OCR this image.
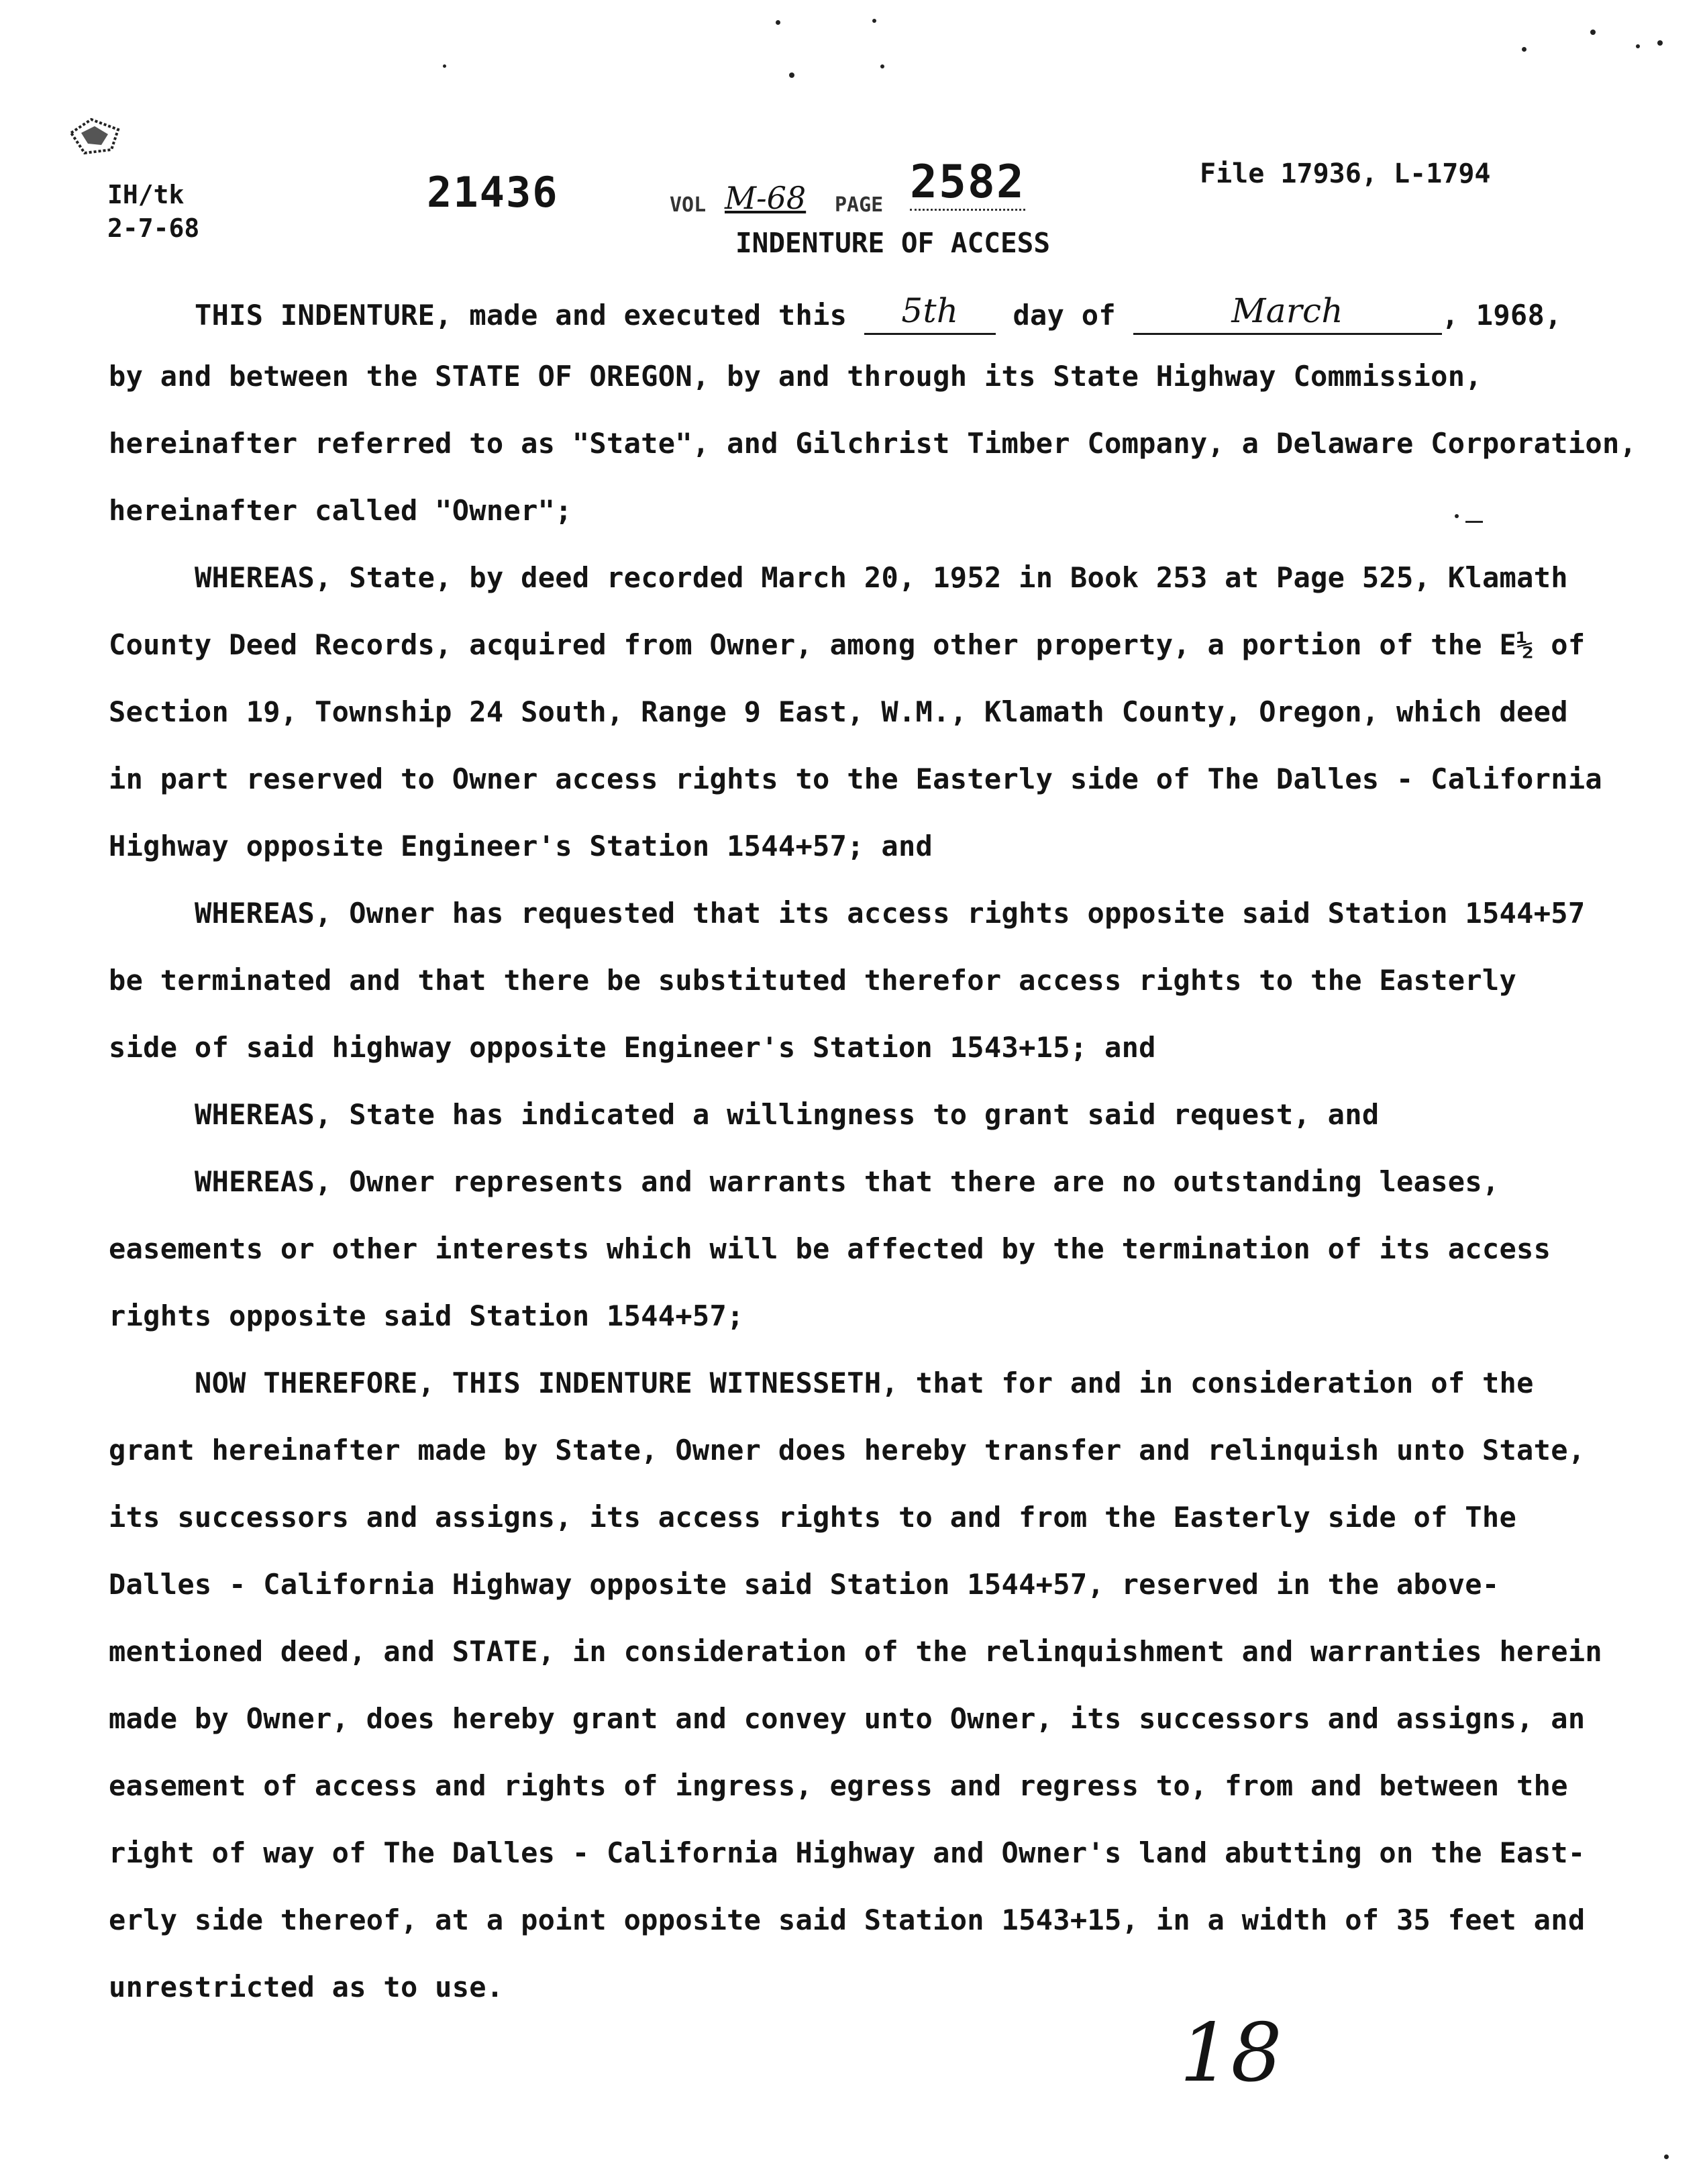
IH/tk
2-7-68
21436	VOL M-68 PAGE 2582	File 17936, L-1794
INDENTURE OF ACCESS
THIS INDENTURE, made and executed this 5th day of	March	, 1968,
by and between the STATE OF OREGON, by and through its State Highway Commission,
hereinafter referred to as "State", and Gilchrist Timber Company, a Delaware Corporation,
hereinafter called "Owner";
WHEREAS, State, by deed recorded March 20, 1952 in Book 253 at Page 525, Klamath
County Deed Records, acquired from Owner, among other property, a portion of the E½ of
Section 19, Township 24 South, Range 9 East, W.M., Klamath County, Oregon, which deed
in part reserved to Owner access rights to the Easterly side of The Dalles - California
Highway opposite Engineer's Station 1544+57; and
WHEREAS, Owner has requested that its access rights opposite said Station 1544+57
be terminated and that there be substituted therefor access rights to the Easterly
side of said highway opposite Engineer's Station 1543+15; and
WHEREAS, State has indicated a willingness to grant said request, and
WHEREAS, Owner represents and warrants that there are no outstanding leases,
easements or other interests which will be affected by the termination of its access
rights opposite said Station 1544+57;
NOW THEREFORE, THIS INDENTURE WITNESSETH, that for and in consideration of the
grant hereinafter made by State, Owner does hereby transfer and relinquish unto State,
its successors and assigns, its access rights to and from the Easterly side of The
Dalles - California Highway opposite said Station 1544+57, reserved in the above-
mentioned deed, and STATE, in consideration of the relinquishment and warranties herein
made by Owner, does hereby grant and convey unto Owner, its successors and assigns, an
easement of access and rights of ingress, egress and regress to, from and between the
right of way of The Dalles - California Highway and Owner's land abutting on the East-
erly side thereof, at a point opposite said Station 1543+15, in a width of 35 feet and
unrestricted as to use.
18
